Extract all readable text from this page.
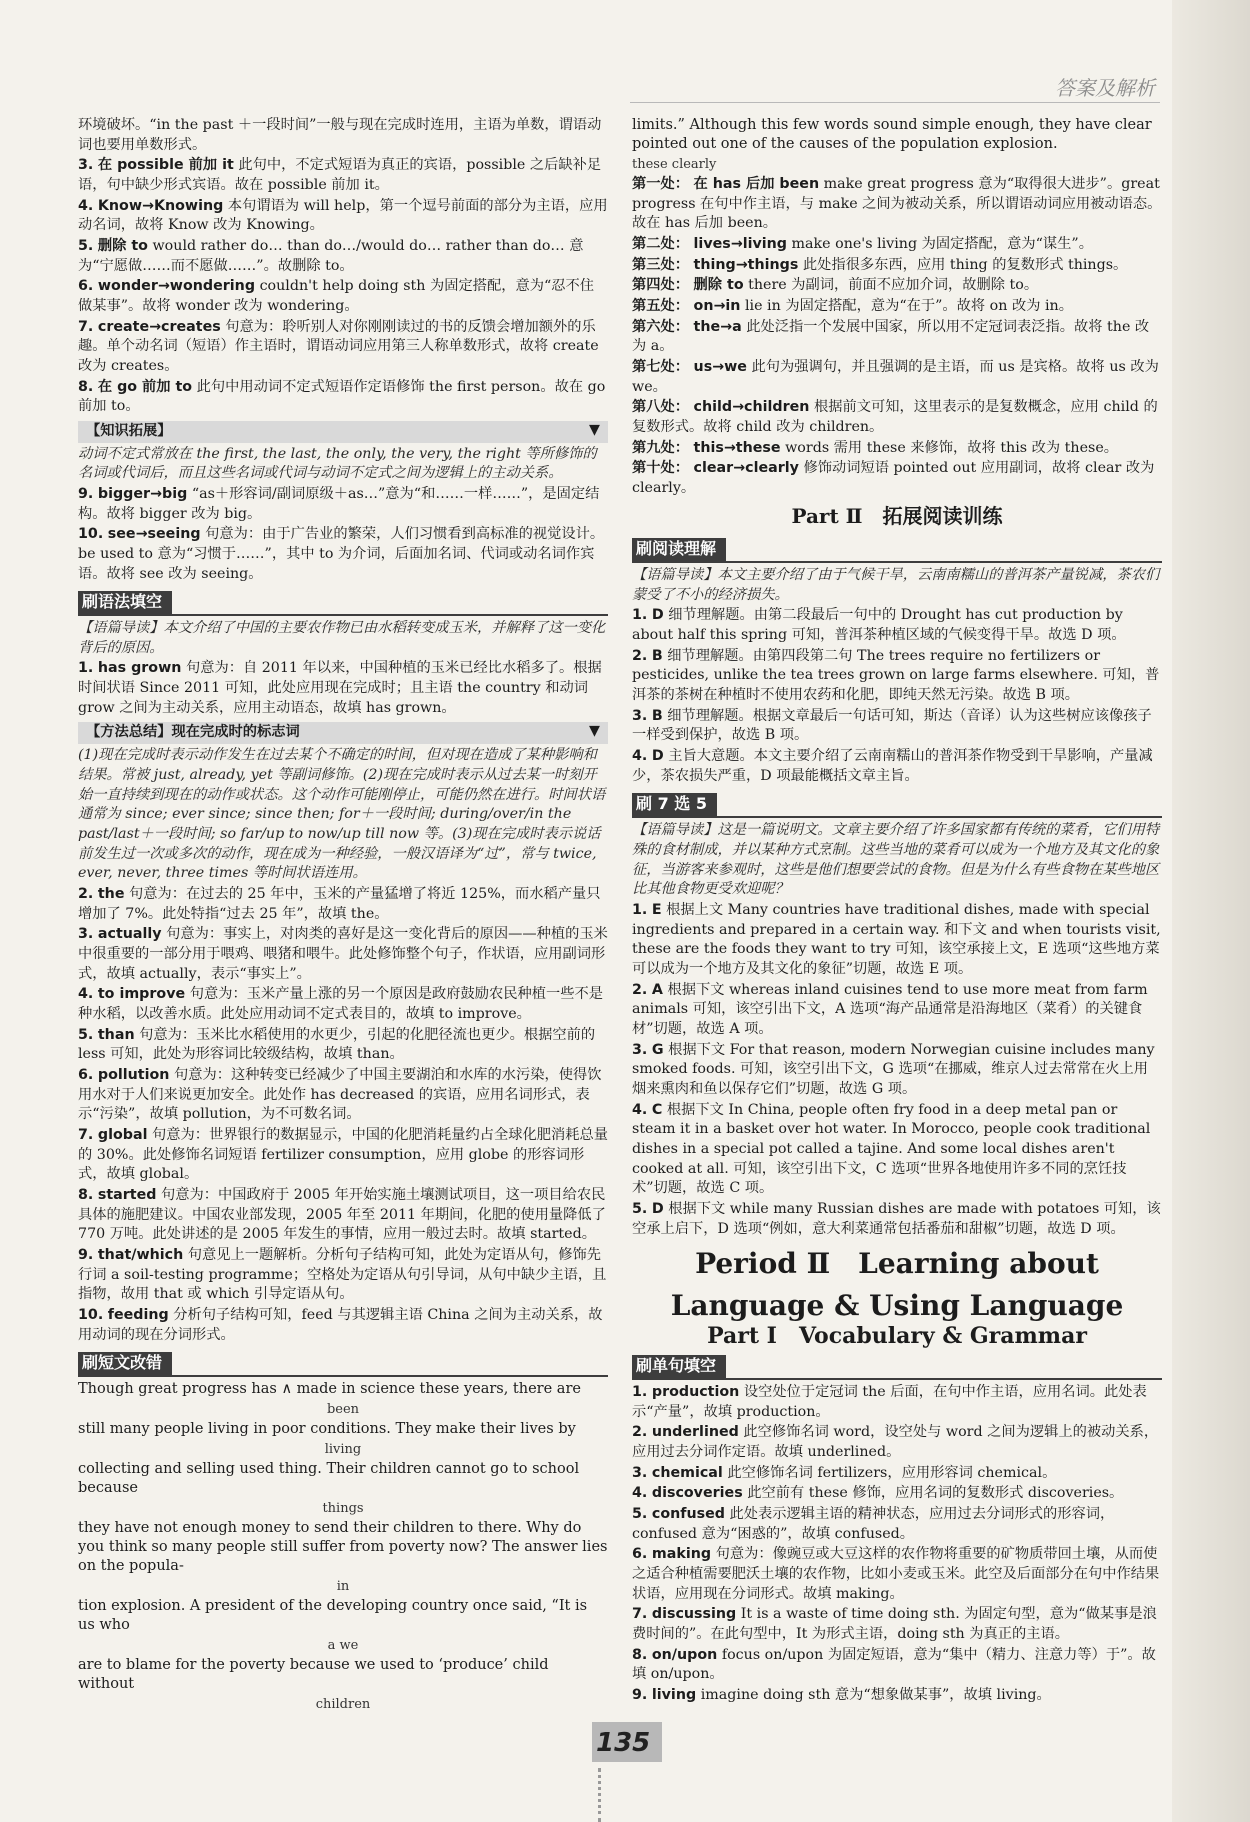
答案及解析

环境破坏。“in the past ＋一段时间”一般与现在完成时连用，主语为单数，谓语动词也要用单数形式。

3. 在 possible 前加 it 此句中，不定式短语为真正的宾语，possible 之后缺补足语，句中缺少形式宾语。故在 possible 前加 it。

4. Know→Knowing 本句谓语为 will help，第一个逗号前面的部分为主语，应用动名词，故将 Know 改为 Knowing。

5. 删除 to would rather do… than do…/would do… rather than do… 意为“宁愿做……而不愿做……”。故删除 to。

6. wonder→wondering couldn't help doing sth 为固定搭配，意为“忍不住做某事”。故将 wonder 改为 wondering。

7. create→creates 句意为：聆听别人对你刚刚读过的书的反馈会增加额外的乐趣。单个动名词（短语）作主语时，谓语动词应用第三人称单数形式，故将 create 改为 creates。

8. 在 go 前加 to 此句中用动词不定式短语作定语修饰 the first person。故在 go 前加 to。

【知识拓展】	▼

动词不定式常放在 the first, the last, the only, the very, the right 等所修饰的名词或代词后，而且这些名词或代词与动词不定式之间为逻辑上的主动关系。

9. bigger→big “as＋形容词/副词原级＋as…”意为“和……一样……”，是固定结构。故将 bigger 改为 big。

10. see→seeing 句意为：由于广告业的繁荣，人们习惯看到高标准的视觉设计。be used to 意为“习惯于……”，其中 to 为介词，后面加名词、代词或动名词作宾语。故将 see 改为 seeing。

刷语法填空

【语篇导读】本文介绍了中国的主要农作物已由水稻转变成玉米，并解释了这一变化背后的原因。

1. has grown 句意为：自 2011 年以来，中国种植的玉米已经比水稻多了。根据时间状语 Since 2011 可知，此处应用现在完成时；且主语 the country 和动词 grow 之间为主动关系，应用主动语态，故填 has grown。

【方法总结】现在完成时的标志词	▼

(1)现在完成时表示动作发生在过去某个不确定的时间，但对现在造成了某种影响和结果。常被 just, already, yet 等副词修饰。(2)现在完成时表示从过去某一时刻开始一直持续到现在的动作或状态。这个动作可能刚停止，可能仍然在进行。时间状语通常为 since; ever since; since then; for＋一段时间; during/over/in the past/last＋一段时间; so far/up to now/up till now 等。(3)现在完成时表示说话前发生过一次或多次的动作，现在成为一种经验，一般汉语译为“过”，常与 twice, ever, never, three times 等时间状语连用。

2. the 句意为：在过去的 25 年中，玉米的产量猛增了将近 125%，而水稻产量只增加了 7%。此处特指“过去 25 年”，故填 the。

3. actually 句意为：事实上，对肉类的喜好是这一变化背后的原因——种植的玉米中很重要的一部分用于喂鸡、喂猪和喂牛。此处修饰整个句子，作状语，应用副词形式，故填 actually，表示“事实上”。

4. to improve 句意为：玉米产量上涨的另一个原因是政府鼓励农民种植一些不是种水稻，以改善水质。此处应用动词不定式表目的，故填 to improve。

5. than 句意为：玉米比水稻使用的水更少，引起的化肥径流也更少。根据空前的 less 可知，此处为形容词比较级结构，故填 than。

6. pollution 句意为：这种转变已经减少了中国主要湖泊和水库的水污染，使得饮用水对于人们来说更加安全。此处作 has decreased 的宾语，应用名词形式，表示“污染”，故填 pollution，为不可数名词。

7. global 句意为：世界银行的数据显示，中国的化肥消耗量约占全球化肥消耗总量的 30%。此处修饰名词短语 fertilizer consumption，应用 globe 的形容词形式，故填 global。

8. started 句意为：中国政府于 2005 年开始实施土壤测试项目，这一项目给农民具体的施肥建议。中国农业部发现，2005 年至 2011 年期间，化肥的使用量降低了 770 万吨。此处讲述的是 2005 年发生的事情，应用一般过去时。故填 started。

9. that/which 句意见上一题解析。分析句子结构可知，此处为定语从句，修饰先行词 a soil-testing programme；空格处为定语从句引导词，从句中缺少主语，且指物，故用 that 或 which 引导定语从句。

10. feeding 分析句子结构可知，feed 与其逻辑主语 China 之间为主动关系，故用动词的现在分词形式。

刷短文改错

Though great progress has ∧ made in science these years, there are

been

still many people living in poor conditions. They make their lives by

living

collecting and selling used thing. Their children cannot go to school because

things

they have not enough money to send their children to there. Why do you think so many people still suffer from poverty now? The answer lies on the popula-

in

tion explosion. A president of the developing country once said, “It is us who

a we

are to blame for the poverty because we used to ‘produce’ child without

children

limits.” Although this few words sound simple enough, they have clear pointed out one of the causes of the population explosion.

these clearly

第一处： 在 has 后加 been make great progress 意为“取得很大进步”。great progress 在句中作主语，与 make 之间为被动关系，所以谓语动词应用被动语态。故在 has 后加 been。

第二处： lives→living make one's living 为固定搭配，意为“谋生”。

第三处： thing→things 此处指很多东西，应用 thing 的复数形式 things。

第四处： 删除 to there 为副词，前面不应加介词，故删除 to。

第五处： on→in lie in 为固定搭配，意为“在于”。故将 on 改为 in。

第六处： the→a 此处泛指一个发展中国家，所以用不定冠词表泛指。故将 the 改为 a。

第七处： us→we 此句为强调句，并且强调的是主语，而 us 是宾格。故将 us 改为 we。

第八处： child→children 根据前文可知，这里表示的是复数概念，应用 child 的复数形式。故将 child 改为 children。

第九处： this→these words 需用 these 来修饰，故将 this 改为 these。

第十处： clear→clearly 修饰动词短语 pointed out 应用副词，故将 clear 改为 clearly。

Part Ⅱ　拓展阅读训练
刷阅读理解

【语篇导读】本文主要介绍了由于气候干旱，云南南糯山的普洱茶产量锐减，茶农们蒙受了不小的经济损失。

1. D 细节理解题。由第二段最后一句中的 Drought has cut production by about half this spring 可知，普洱茶种植区域的气候变得干旱。故选 D 项。

2. B 细节理解题。由第四段第二句 The trees require no fertilizers or pesticides, unlike the tea trees grown on large farms elsewhere. 可知，普洱茶的茶树在种植时不使用农药和化肥，即纯天然无污染。故选 B 项。

3. B 细节理解题。根据文章最后一句话可知，斯达（音译）认为这些树应该像孩子一样受到保护，故选 B 项。

4. D 主旨大意题。本文主要介绍了云南南糯山的普洱茶作物受到干旱影响，产量减少，茶农损失严重，D 项最能概括文章主旨。

刷 7 选 5

【语篇导读】这是一篇说明文。文章主要介绍了许多国家都有传统的菜肴，它们用特殊的食材制成，并以某种方式烹制。这些当地的菜肴可以成为一个地方及其文化的象征，当游客来参观时，这些是他们想要尝试的食物。但是为什么有些食物在某些地区比其他食物更受欢迎呢？

1. E 根据上文 Many countries have traditional dishes, made with special ingredients and prepared in a certain way. 和下文 and when tourists visit, these are the foods they want to try 可知，该空承接上文，E 选项“这些地方菜可以成为一个地方及其文化的象征”切题，故选 E 项。

2. A 根据下文 whereas inland cuisines tend to use more meat from farm animals 可知，该空引出下文，A 选项“海产品通常是沿海地区（菜肴）的关键食材”切题，故选 A 项。

3. G 根据下文 For that reason, modern Norwegian cuisine includes many smoked foods. 可知，该空引出下文，G 选项“在挪威，维京人过去常常在火上用烟来熏肉和鱼以保存它们”切题，故选 G 项。

4. C 根据下文 In China, people often fry food in a deep metal pan or steam it in a basket over hot water. In Morocco, people cook traditional dishes in a special pot called a tajine. And some local dishes aren't cooked at all. 可知，该空引出下文，C 选项“世界各地使用许多不同的烹饪技术”切题，故选 C 项。

5. D 根据下文 while many Russian dishes are made with potatoes 可知，该空承上启下，D 选项“例如，意大利菜通常包括番茄和甜椒”切题，故选 D 项。

Period Ⅱ　Learning about
Language & Using Language
Part Ⅰ　Vocabulary & Grammar
刷单句填空

1. production 设空处位于定冠词 the 后面，在句中作主语，应用名词。此处表示“产量”，故填 production。

2. underlined 此空修饰名词 word，设空处与 word 之间为逻辑上的被动关系，应用过去分词作定语。故填 underlined。

3. chemical 此空修饰名词 fertilizers，应用形容词 chemical。

4. discoveries 此空前有 these 修饰，应用名词的复数形式 discoveries。

5. confused 此处表示逻辑主语的精神状态，应用过去分词形式的形容词，confused 意为“困惑的”，故填 confused。

6. making 句意为：像豌豆或大豆这样的农作物将重要的矿物质带回土壤，从而使之适合种植需要肥沃土壤的农作物，比如小麦或玉米。此空及后面部分在句中作结果状语，应用现在分词形式。故填 making。

7. discussing It is a waste of time doing sth. 为固定句型，意为“做某事是浪费时间的”。在此句型中，It 为形式主语，doing sth 为真正的主语。

8. on/upon focus on/upon 为固定短语，意为“集中（精力、注意力等）于”。故填 on/upon。

9. living imagine doing sth 意为“想象做某事”，故填 living。

135
